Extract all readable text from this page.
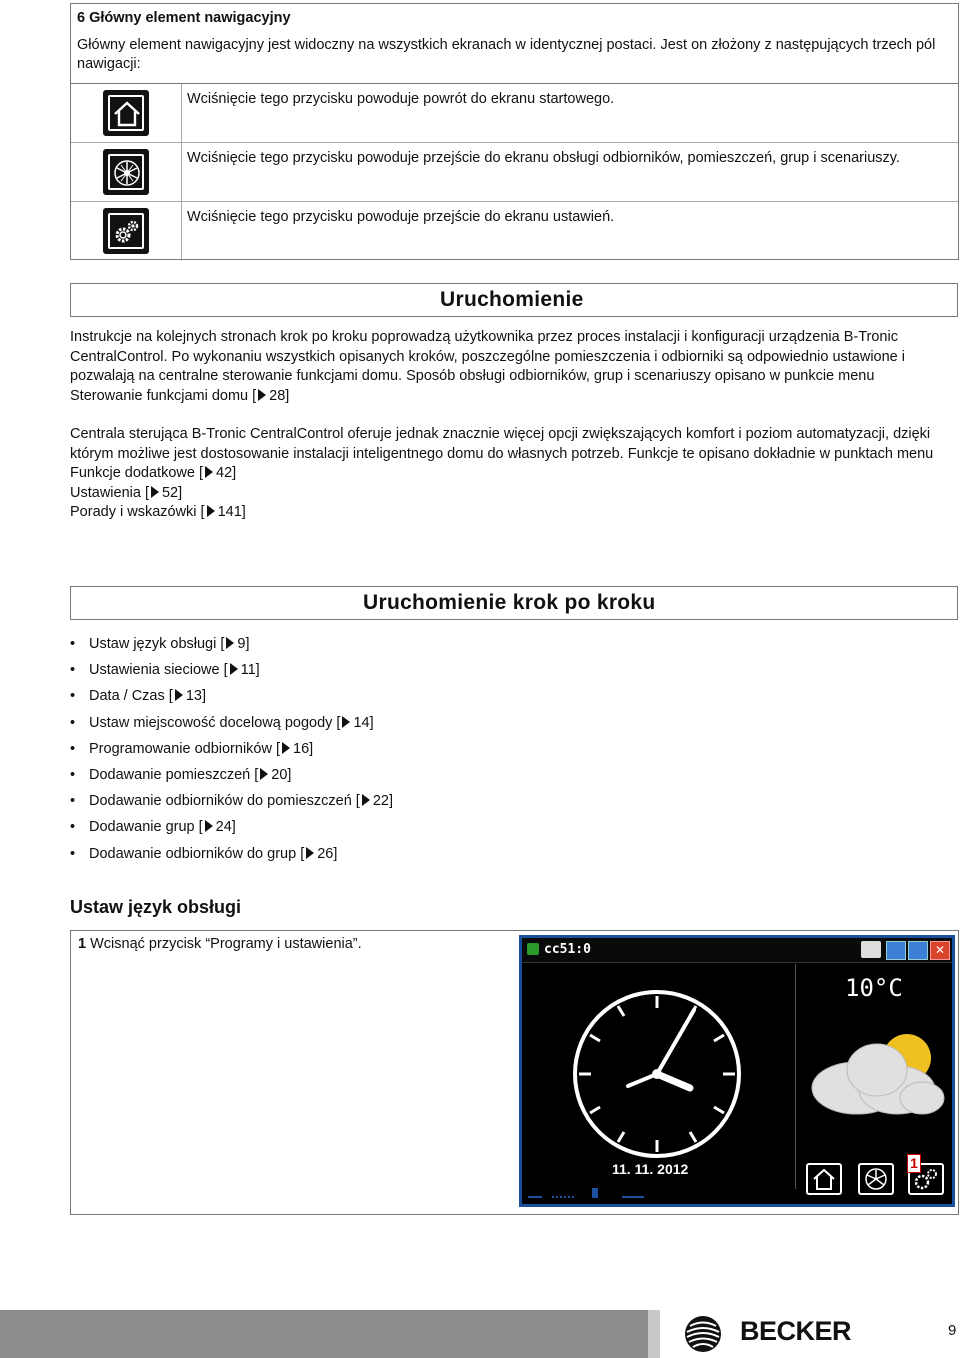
6 Główny element nawigacyjny
Główny element nawigacyjny jest widoczny na wszystkich ekranach w identycznej postaci. Jest on złożony z następujących trzech pól nawigacji:
Wciśnięcie tego przycisku powoduje powrót do ekranu startowego.
Wciśnięcie tego przycisku powoduje przejście do ekranu obsługi odbiorników, pomieszczeń, grup i scenariuszy.
Wciśnięcie tego przycisku powoduje przejście do ekranu ustawień.
Uruchomienie
Instrukcje na kolejnych stronach krok po kroku poprowadzą użytkownika przez proces instalacji i konfiguracji urządzenia B-Tronic CentralControl. Po wykonaniu wszystkich opisanych kroków, poszczególne pomieszczenia i odbiorniki są odpowiednio ustawione i pozwalają na centralne sterowanie funkcjami domu. Sposób obsługi odbiorników, grup i scenariuszy opisano w punkcie menu
Sterowanie funkcjami domu [ 28]
Centrala sterująca B-Tronic CentralControl oferuje jednak znacznie więcej opcji zwiększających komfort i poziom automatyzacji, dzięki którym możliwe jest dostosowanie instalacji inteligentnego domu do własnych potrzeb. Funkcje te opisano dokładnie w punktach menu
Funkcje dodatkowe [ 42]
Ustawienia [ 52]
Porady i wskazówki [ 141]
Uruchomienie krok po kroku
• Ustaw język obsługi [ 9]
• Ustawienia sieciowe [ 11]
• Data / Czas [ 13]
• Ustaw miejscowość docelową pogody [ 14]
• Programowanie odbiorników [ 16]
• Dodawanie pomieszczeń [ 20]
• Dodawanie odbiorników do pomieszczeń [ 22]
• Dodawanie grup [ 24]
• Dodawanie odbiorników do grup [ 26]
Ustaw język obsługi
1 Wcisnąć przycisk “Programy i ustawienia”.	cc51:0	✕
11. 11. 2012
10°C
1
BECKER	9
